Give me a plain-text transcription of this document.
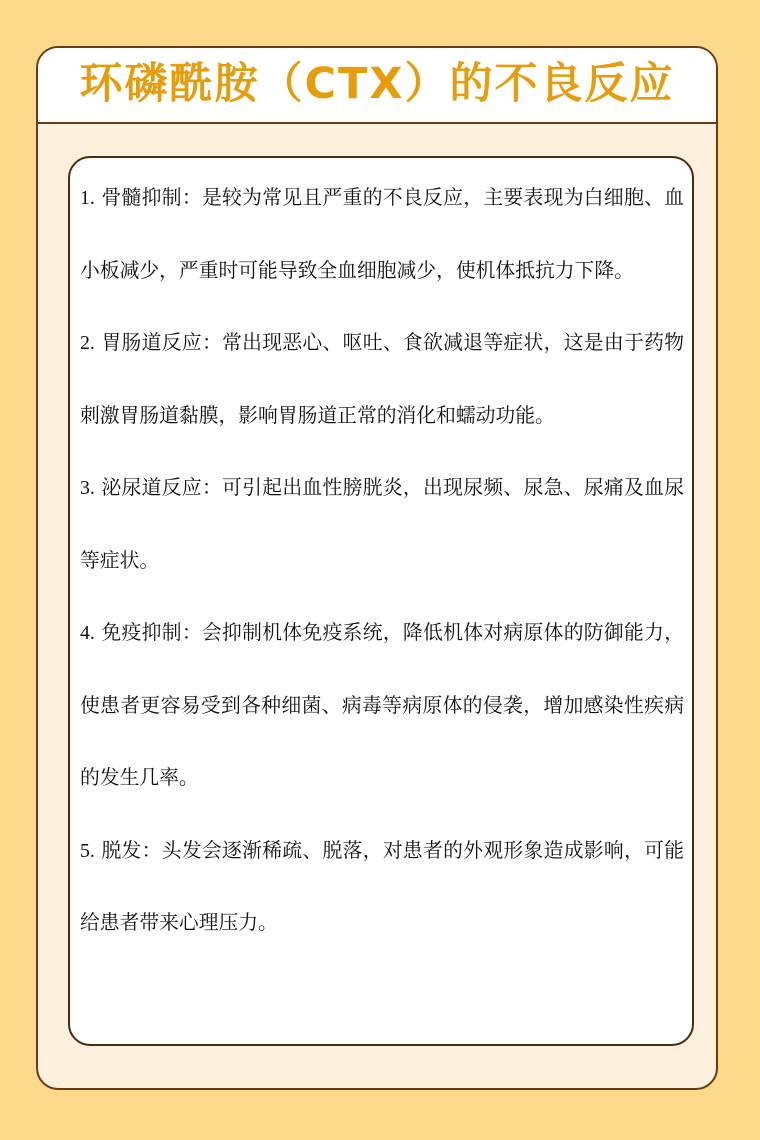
环磷酰胺（CTX）的不良反应

1. 骨髓抑制：是较为常见且严重的不良反应，主要表现为白细胞、血小板减少，严重时可能导致全血细胞减少，使机体抵抗力下降。

2. 胃肠道反应：常出现恶心、呕吐、食欲减退等症状，这是由于药物刺激胃肠道黏膜，影响胃肠道正常的消化和蠕动功能。

3. 泌尿道反应：可引起出血性膀胱炎，出现尿频、尿急、尿痛及血尿等症状。

4. 免疫抑制：会抑制机体免疫系统，降低机体对病原体的防御能力，使患者更容易受到各种细菌、病毒等病原体的侵袭，增加感染性疾病的发生几率。

5. 脱发：头发会逐渐稀疏、脱落，对患者的外观形象造成影响，可能给患者带来心理压力。
